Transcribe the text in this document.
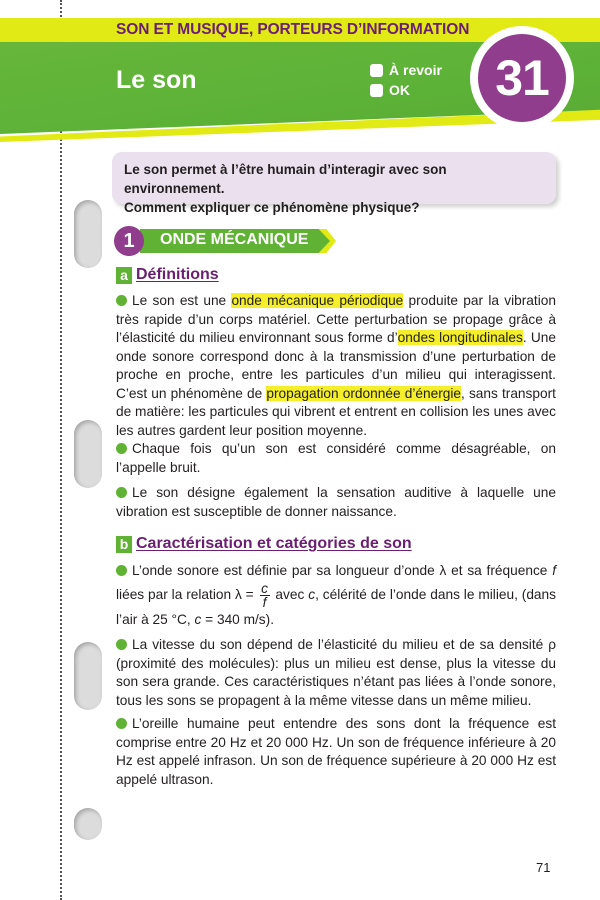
SON ET MUSIQUE, PORTEURS D’INFORMATION
Le son	À revoir
OK	31
Le son permet à l’être humain d’interagir avec son environnement.
Comment expliquer ce phénomène physique?
1	ONDE MÉCANIQUE
a Définitions
Le son est une onde mécanique périodique produite par la vibration très rapide d’un corps matériel. Cette perturbation se propage grâce à l’élasticité du milieu environnant sous forme d’ondes longitudinales. Une onde sonore correspond donc à la transmission d’une perturbation de proche en proche, entre les particules d’un milieu qui interagissent. C’est un phénomène de propagation ordonnée d’énergie, sans transport de matière: les particules qui vibrent et entrent en collision les unes avec les autres gardent leur position moyenne.
Chaque fois qu’un son est considéré comme désagréable, on l’appelle bruit.
Le son désigne également la sensation auditive à laquelle une vibration est susceptible de donner naissance.
b Caractérisation et catégories de son
L’onde sonore est définie par sa longueur d’onde λ et sa fréquence f liées par la relation $\lambda = \frac{c}{f}$ avec c, célérité de l’onde dans le milieu, (dans l’air à 25 °C, c = 340 m/s).
La vitesse du son dépend de l’élasticité du milieu et de sa densité ρ (proximité des molécules): plus un milieu est dense, plus la vitesse du son sera grande. Ces caractéristiques n’étant pas liées à l’onde sonore, tous les sons se propagent à la même vitesse dans un même milieu.
L’oreille humaine peut entendre des sons dont la fréquence est comprise entre 20 Hz et 20 000 Hz. Un son de fréquence inférieure à 20 Hz est appelé infrason. Un son de fréquence supérieure à 20 000 Hz est appelé ultrason.
71
